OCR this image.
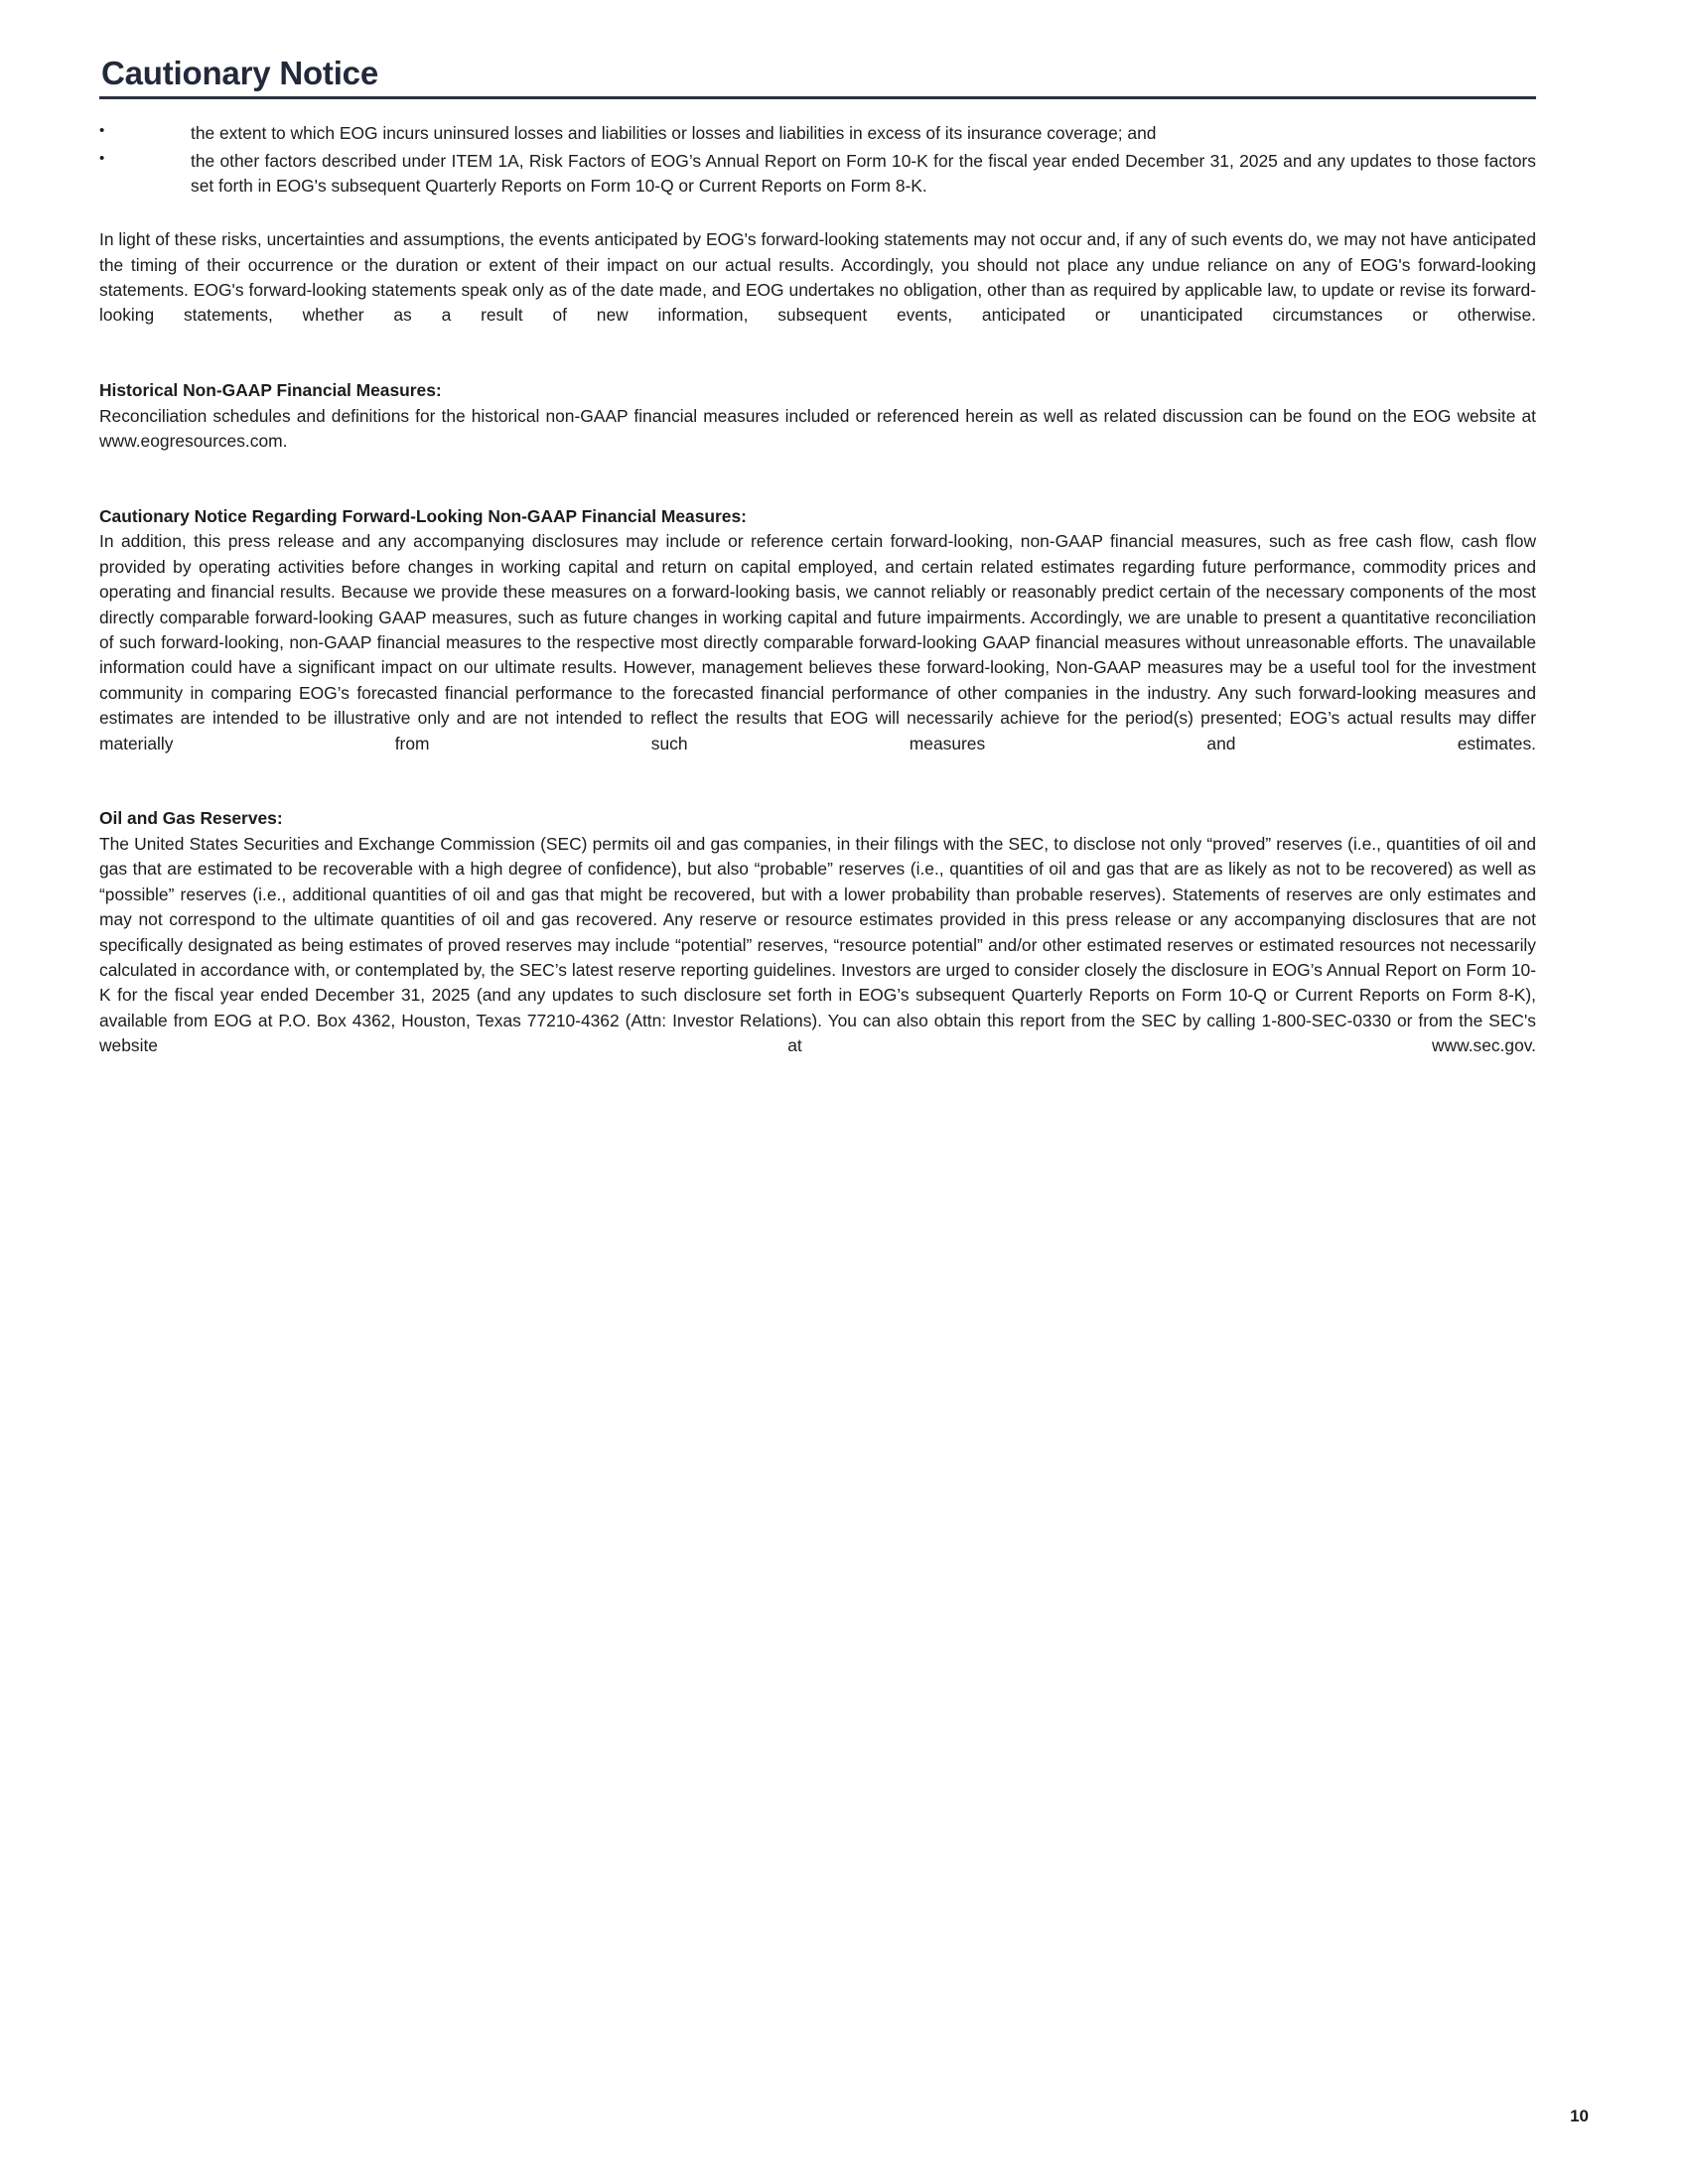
Cautionary Notice
• the extent to which EOG incurs uninsured losses and liabilities or losses and liabilities in excess of its insurance coverage; and
• the other factors described under ITEM 1A, Risk Factors of EOG’s Annual Report on Form 10-K for the fiscal year ended December 31, 2025 and any updates to those factors set forth in EOG's subsequent Quarterly Reports on Form 10-Q or Current Reports on Form 8-K.

In light of these risks, uncertainties and assumptions, the events anticipated by EOG's forward-looking statements may not occur and, if any of such events do, we may not have anticipated the timing of their occurrence or the duration or extent of their impact on our actual results. Accordingly, you should not place any undue reliance on any of EOG's forward-looking statements. EOG's forward-looking statements speak only as of the date made, and EOG undertakes no obligation, other than as required by applicable law, to update or revise its forward-looking statements, whether as a result of new information, subsequent events, anticipated or unanticipated circumstances or otherwise.

Historical Non-GAAP Financial Measures:

Reconciliation schedules and definitions for the historical non-GAAP financial measures included or referenced herein as well as related discussion can be found on the EOG website at www.eogresources.com.

Cautionary Notice Regarding Forward-Looking Non-GAAP Financial Measures:

In addition, this press release and any accompanying disclosures may include or reference certain forward-looking, non-GAAP financial measures, such as free cash flow, cash flow provided by operating activities before changes in working capital and return on capital employed, and certain related estimates regarding future performance, commodity prices and operating and financial results. Because we provide these measures on a forward-looking basis, we cannot reliably or reasonably predict certain of the necessary components of the most directly comparable forward-looking GAAP measures, such as future changes in working capital and future impairments. Accordingly, we are unable to present a quantitative reconciliation of such forward-looking, non-GAAP financial measures to the respective most directly comparable forward-looking GAAP financial measures without unreasonable efforts. The unavailable information could have a significant impact on our ultimate results. However, management believes these forward-looking, Non-GAAP measures may be a useful tool for the investment community in comparing EOG’s forecasted financial performance to the forecasted financial performance of other companies in the industry. Any such forward-looking measures and estimates are intended to be illustrative only and are not intended to reflect the results that EOG will necessarily achieve for the period(s) presented; EOG’s actual results may differ materially from such measures and estimates.

Oil and Gas Reserves:

The United States Securities and Exchange Commission (SEC) permits oil and gas companies, in their filings with the SEC, to disclose not only “proved” reserves (i.e., quantities of oil and gas that are estimated to be recoverable with a high degree of confidence), but also “probable” reserves (i.e., quantities of oil and gas that are as likely as not to be recovered) as well as “possible” reserves (i.e., additional quantities of oil and gas that might be recovered, but with a lower probability than probable reserves). Statements of reserves are only estimates and may not correspond to the ultimate quantities of oil and gas recovered. Any reserve or resource estimates provided in this press release or any accompanying disclosures that are not specifically designated as being estimates of proved reserves may include “potential” reserves, “resource potential” and/or other estimated reserves or estimated resources not necessarily calculated in accordance with, or contemplated by, the SEC’s latest reserve reporting guidelines. Investors are urged to consider closely the disclosure in EOG’s Annual Report on Form 10-K for the fiscal year ended December 31, 2025 (and any updates to such disclosure set forth in EOG’s subsequent Quarterly Reports on Form 10-Q or Current Reports on Form 8-K), available from EOG at P.O. Box 4362, Houston, Texas 77210-4362 (Attn: Investor Relations). You can also obtain this report from the SEC by calling 1-800-SEC-0330 or from the SEC's website at www.sec.gov.

10
